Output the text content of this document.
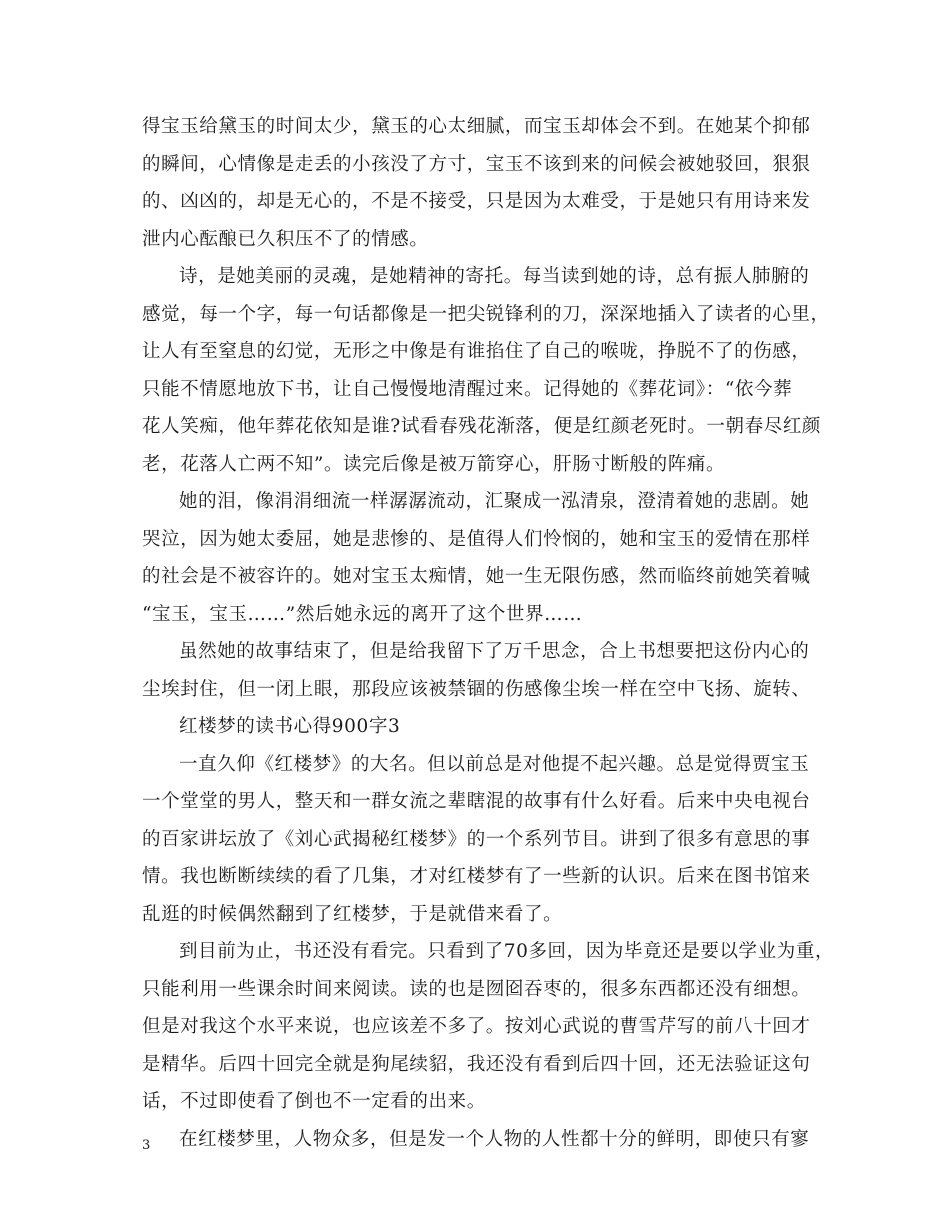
得宝玉给黛玉的时间太少，黛玉的心太细腻，而宝玉却体会不到。在她某个抑郁
的瞬间，心情像是走丢的小孩没了方寸，宝玉不该到来的问候会被她驳回，狠狠
的、凶凶的，却是无心的，不是不接受，只是因为太难受，于是她只有用诗来发
泄内心酝酿已久积压不了的情感。
诗，是她美丽的灵魂，是她精神的寄托。每当读到她的诗，总有振人肺腑的
感觉，每一个字，每一句话都像是一把尖锐锋利的刀，深深地插入了读者的心里，
让人有至窒息的幻觉，无形之中像是有谁掐住了自己的喉咙，挣脱不了的伤感，
只能不情愿地放下书，让自己慢慢地清醒过来。记得她的《葬花词》：“依今葬
花人笑痴，他年葬花依知是谁?试看春残花渐落，便是红颜老死时。一朝春尽红颜
老，花落人亡两不知”。读完后像是被万箭穿心，肝肠寸断般的阵痛。
她的泪，像涓涓细流一样潺潺流动，汇聚成一泓清泉，澄清着她的悲剧。她
哭泣，因为她太委屈，她是悲惨的、是值得人们怜悯的，她和宝玉的爱情在那样
的社会是不被容许的。她对宝玉太痴情，她一生无限伤感，然而临终前她笑着喊
“宝玉，宝玉……”然后她永远的离开了这个世界……
虽然她的故事结束了，但是给我留下了万千思念，合上书想要把这份内心的
尘埃封住，但一闭上眼，那段应该被禁锢的伤感像尘埃一样在空中飞扬、旋转、
红楼梦的读书心得900字3
一直久仰《红楼梦》的大名。但以前总是对他提不起兴趣。总是觉得贾宝玉
一个堂堂的男人，整天和一群女流之辈瞎混的故事有什么好看。后来中央电视台
的百家讲坛放了《刘心武揭秘红楼梦》的一个系列节目。讲到了很多有意思的事
情。我也断断续续的看了几集，才对红楼梦有了一些新的认识。后来在图书馆来
乱逛的时候偶然翻到了红楼梦，于是就借来看了。
到目前为止，书还没有看完。只看到了70多回，因为毕竟还是要以学业为重，
只能利用一些课余时间来阅读。读的也是囫囵吞枣的，很多东西都还没有细想。
但是对我这个水平来说，也应该差不多了。按刘心武说的曹雪芹写的前八十回才
是精华。后四十回完全就是狗尾续貂，我还没有看到后四十回，还无法验证这句
话，不过即使看了倒也不一定看的出来。
在红楼梦里，人物众多，但是发一个人物的人性都十分的鲜明，即使只有寥
3
